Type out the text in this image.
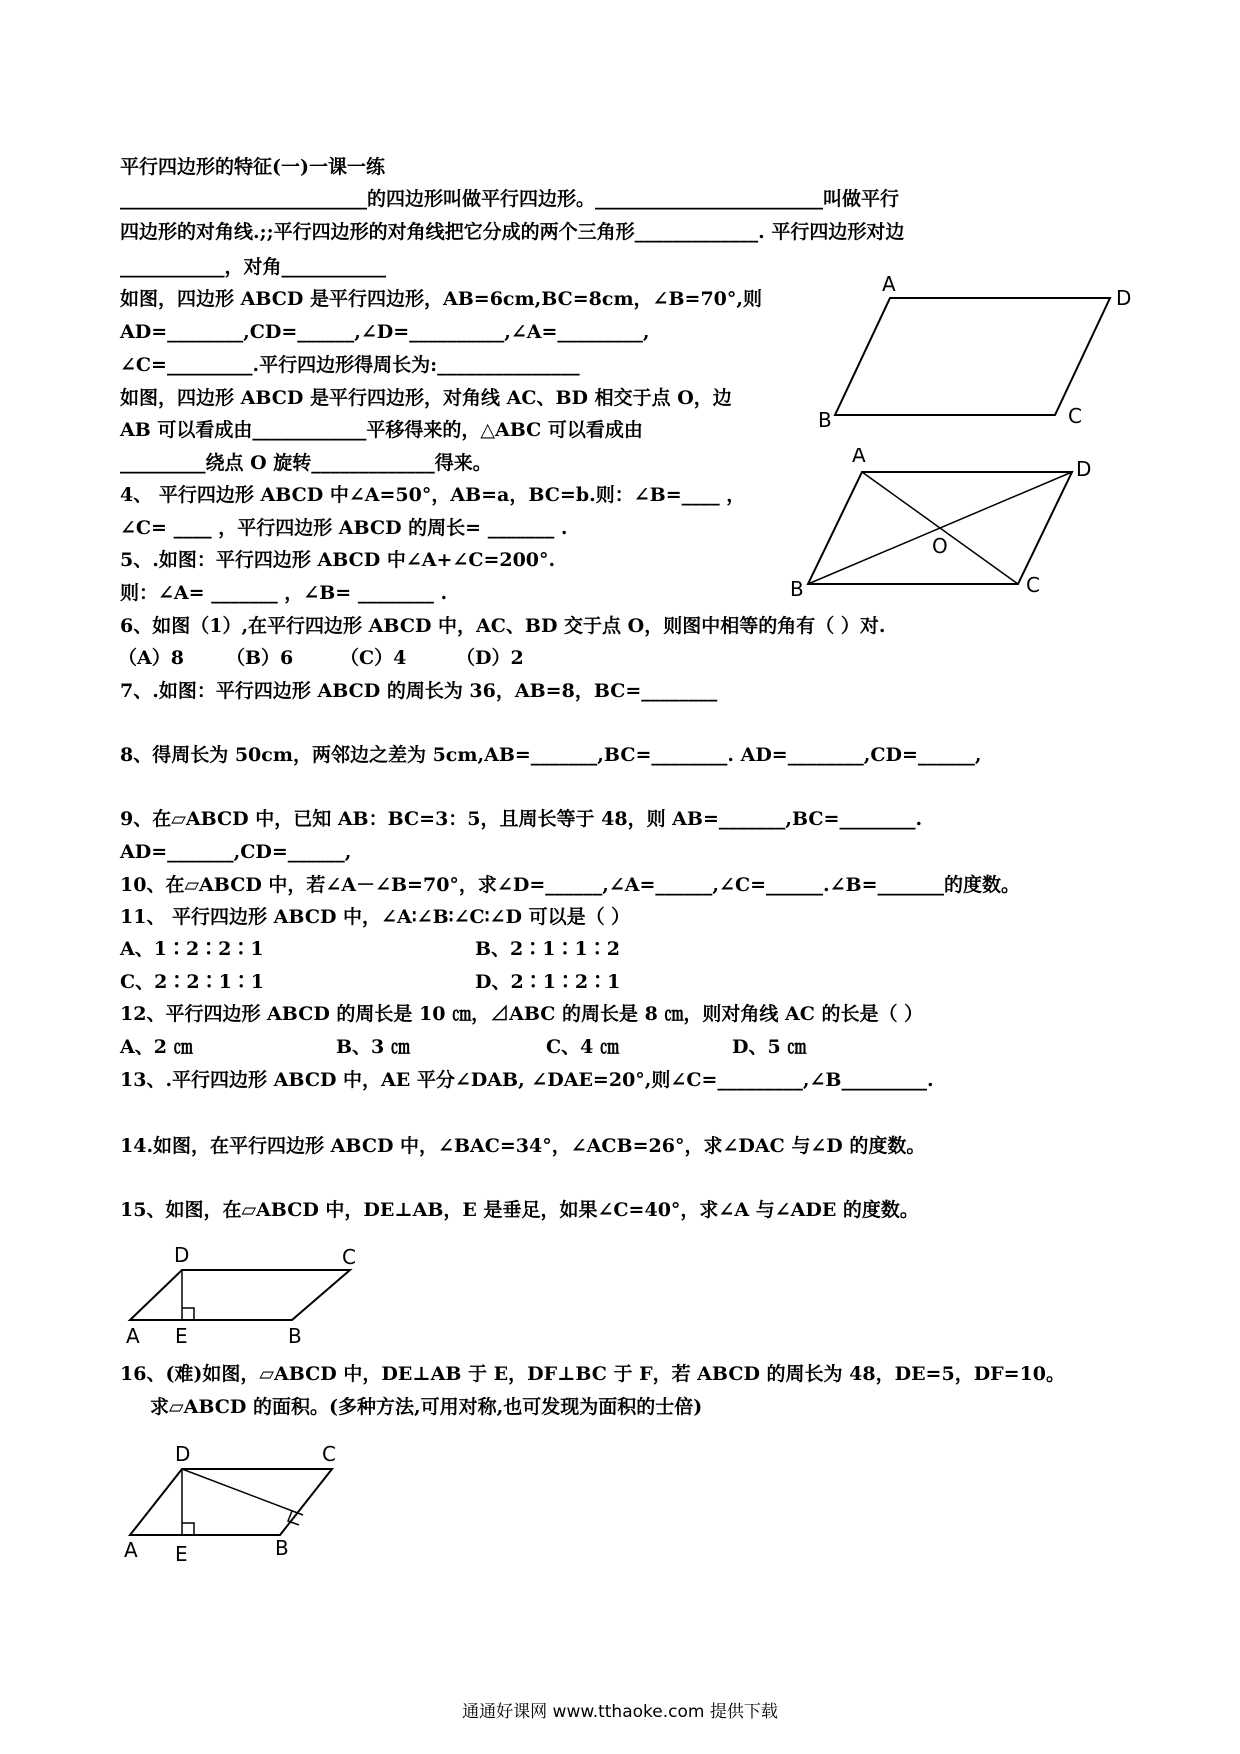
平行四边形的特征(一)一课一练
__________________________的四边形叫做平行四边形。________________________叫做平行
四边形的对角线.;;平行四边形的对角线把它分成的两个三角形_____________. 平行四边形对边
___________，对角___________
如图，四边形 ABCD 是平行四边形，AB=6cm,BC=8cm，∠B=70°,则
AD=________,CD=______,∠D=__________,∠A=_________,
∠C=_________.平行四边形得周长为:_______________
如图，四边形 ABCD 是平行四边形，对角线 AC、BD 相交于点 O，边
AB 可以看成由____________平移得来的，△ABC 可以看成由
_________绕点 O 旋转_____________得来。
4、 平行四边形 ABCD 中∠A=50°，AB=a，BC=b.则：∠B=____ ，
∠C= ____ ，平行四边形 ABCD 的周长= _______ .
5、.如图：平行四边形 ABCD 中∠A+∠C=200°.
则：∠A= _______ ，∠B= ________ .
6、如图（1）,在平行四边形 ABCD 中，AC、BD 交于点 O，则图中相等的角有（ ）对.
（A）8 （B）6 （C）4	（D）2
7、.如图：平行四边形 ABCD 的周长为 36，AB=8，BC=________
8、得周长为 50cm，两邻边之差为 5cm,AB=_______,BC=________. AD=________,CD=______,
9、在▱ABCD 中，已知 AB：BC=3：5，且周长等于 48，则 AB=_______,BC=________.
AD=_______,CD=______,
10、在▱ABCD 中，若∠A－∠B=70°，求∠D=______,∠A=______,∠C=______.∠B=_______的度数。
11、 平行四边形 ABCD 中，∠A∶∠B∶∠C∶∠D 可以是（ ）
A、1∶2∶2∶1	B、2∶1∶1∶2
C、2∶2∶1∶1	D、2∶1∶2∶1
12、平行四边形 ABCD 的周长是 10 ㎝，⊿ABC 的周长是 8 ㎝，则对角线 AC 的长是（ ）
A、2 ㎝	B、3 ㎝	C、4 ㎝	D、5 ㎝
13、.平行四边形 ABCD 中，AE 平分∠DAB, ∠DAE=20°,则∠C=_________,∠B_________.
14.如图，在平行四边形 ABCD 中，∠BAC=34°，∠ACB=26°，求∠DAC 与∠D 的度数。
15、如图，在▱ABCD 中，DE⊥AB，E 是垂足，如果∠C=40°，求∠A 与∠ADE 的度数。
16、(难)如图，▱ABCD 中，DE⊥AB 于 E，DF⊥BC 于 F，若 ABCD 的周长为 48，DE=5，DF=10。
求▱ABCD 的面积。(多种方法,可用对称,也可发现为面积的士倍)
A
D
B	C
A
D
O
B	C
D	C
A E	B
D	C
A E	B
通通好课网 www.tthaoke.com 提供下载
